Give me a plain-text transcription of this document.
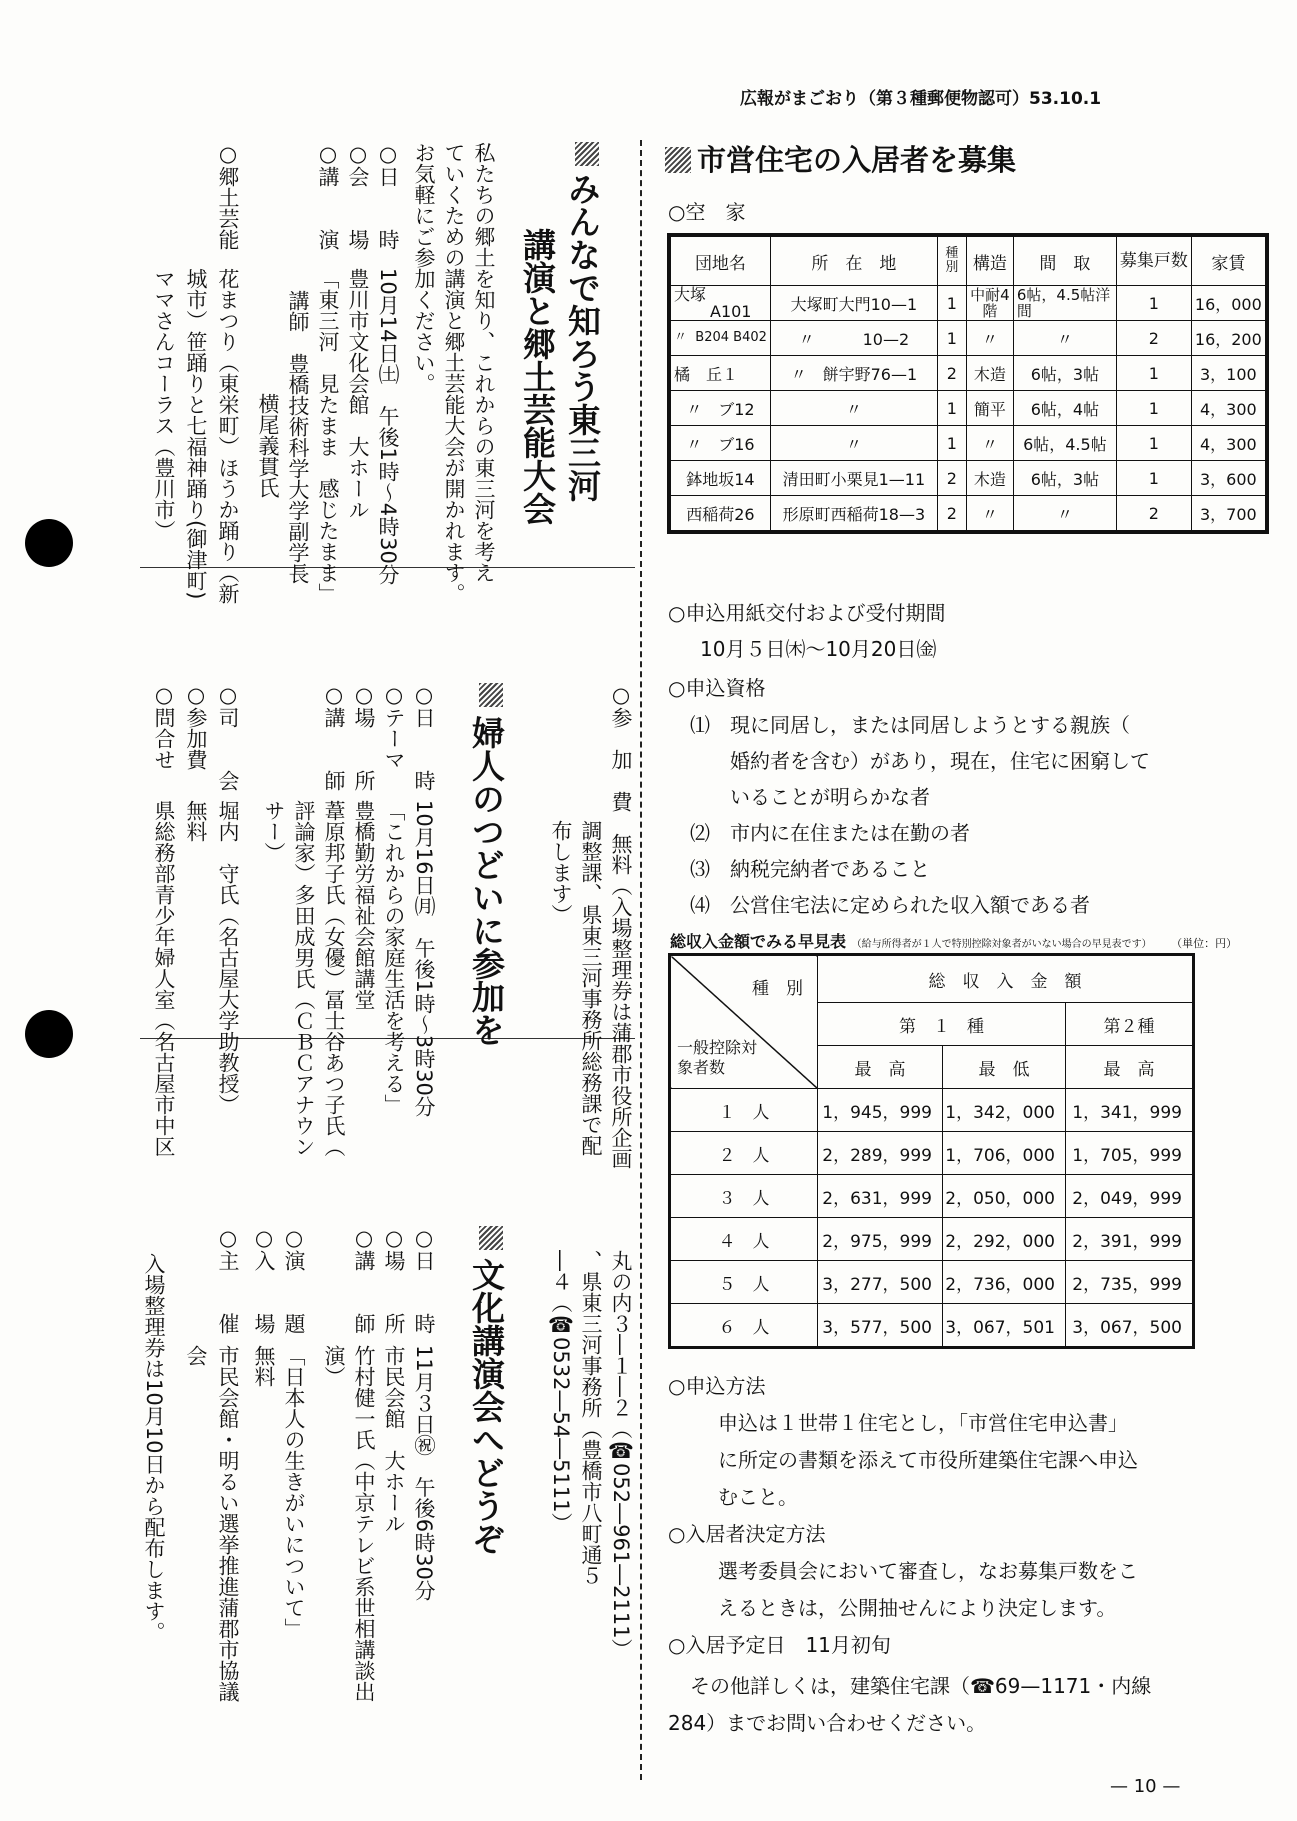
広報がまごおり（第３種郵便物認可）53.10.1
みんなで知ろう東三河
講演と郷土芸能大会
私たちの郷土を知り、これからの東三河を考え
ていくための講演と郷土芸能大会が開かれます。
お気軽にご参加ください。
○日　　時
10月14日㈯　午後1時〜4時30分
○会　　場
豊川市文化会館　大ホール
○講　　演
「東三河　見たまま　感じたまま」
講師　豊橋技術科学大学副学長
横尾義貫氏
○郷土芸能
花まつり（東栄町）ほうか踊り（新
城市）笹踊りと七福神踊り(御津町)
ママさんコーラス（豊川市）
○参　加　費　無料（入場整理券は蒲郡市役所企画
調整課、県東三河事務所総務課で配
布します）
婦人のつどいに参加を
○日　　時
10月16日㈪　午後1時〜3時30分
○テーマ
「これからの家庭生活を考える」
○場　　所
豊橋勤労福祉会館講堂
○講　　師
葦原邦子氏（女優）冨士谷あつ子氏（
評論家）多田成男氏（ＣＢＣアナウン
サー）
○司　　会
堀内　守氏（名古屋大学助教授）
○参加費
無料
○問合せ
県総務部青少年婦人室（名古屋市中区
丸の内３―１―２（☎052―961―2111）
、県東三河事務所（豊橋市八町通５
―４（☎0532―54―5111）
文化講演会へどうぞ
○日　　時
11月３日㊗　午後6時30分
○場　　所
市民会館　大ホール
○講　　師
竹村健一氏（中京テレビ系世相講談出
演）
○演　　題
「日本人の生きがいについて」
○入　　場
無料
○主　　催
市民会館・明るい選挙推進蒲郡市協議
会
入場整理券は10月10日から配布します。
市営住宅の入居者を募集
○空　家
団地名	所　在　地	種別	構造	間　取	募集戸数	家賃
大塚
A101	大塚町大門10—1	1	中耐4階	6帖，4.5帖洋間	1	16，000
〃 B204 B402	〃　　　10—2	1	〃	〃	2	16，200
橘　丘１	〃　餅宇野76—1	2	木造	6帖，3帖	1	3，100
〃　ブ12	〃	1	簡平	6帖，4帖	1	4，300
〃　ブ16	〃	1	〃	6帖，4.5帖	1	4，300
鉢地坂14	清田町小栗見1—11	2	木造	6帖，3帖	1	3，600
西稲荷26	形原町西稲荷18—3	2	〃	〃	2	3，700
○申込用紙交付および受付期間
10月５日㈭〜10月20日㈮
○申込資格
⑴　現に同居し，または同居しようとする親族（
　　婚約者を含む）があり，現在，住宅に困窮して
　　いることが明らかな者
⑵　市内に在住または在勤の者
⑶　納税完納者であること
⑷　公営住宅法に定められた収入額である者
総収入金額でみる早見表 （給与所得者が１人で特別控除対象者がいない場合の早見表です） （単位：円）
種　別
一般控除対象者数	総　収　入　金　額		
	第　１　種		第２種
	最　高	最　低	最　高
１　人	1，945，999	1，342，000	1，341，999
２　人	2，289，999	1，706，000	1，705，999
３　人	2，631，999	2，050，000	2，049，999
４　人	2，975，999	2，292，000	2，391，999
５　人	3，277，500	2，736，000	2，735，999
６　人	3，577，500	3，067，501	3，067，500
○申込方法
申込は１世帯１住宅とし，「市営住宅申込書」
に所定の書類を添えて市役所建築住宅課へ申込
むこと。
○入居者決定方法
選考委員会において審査し，なお募集戸数をこ
えるときは，公開抽せんにより決定します。
○入居予定日　11月初旬
その他詳しくは，建築住宅課（☎69—1171・内線
284）までお問い合わせください。
— 10 —
